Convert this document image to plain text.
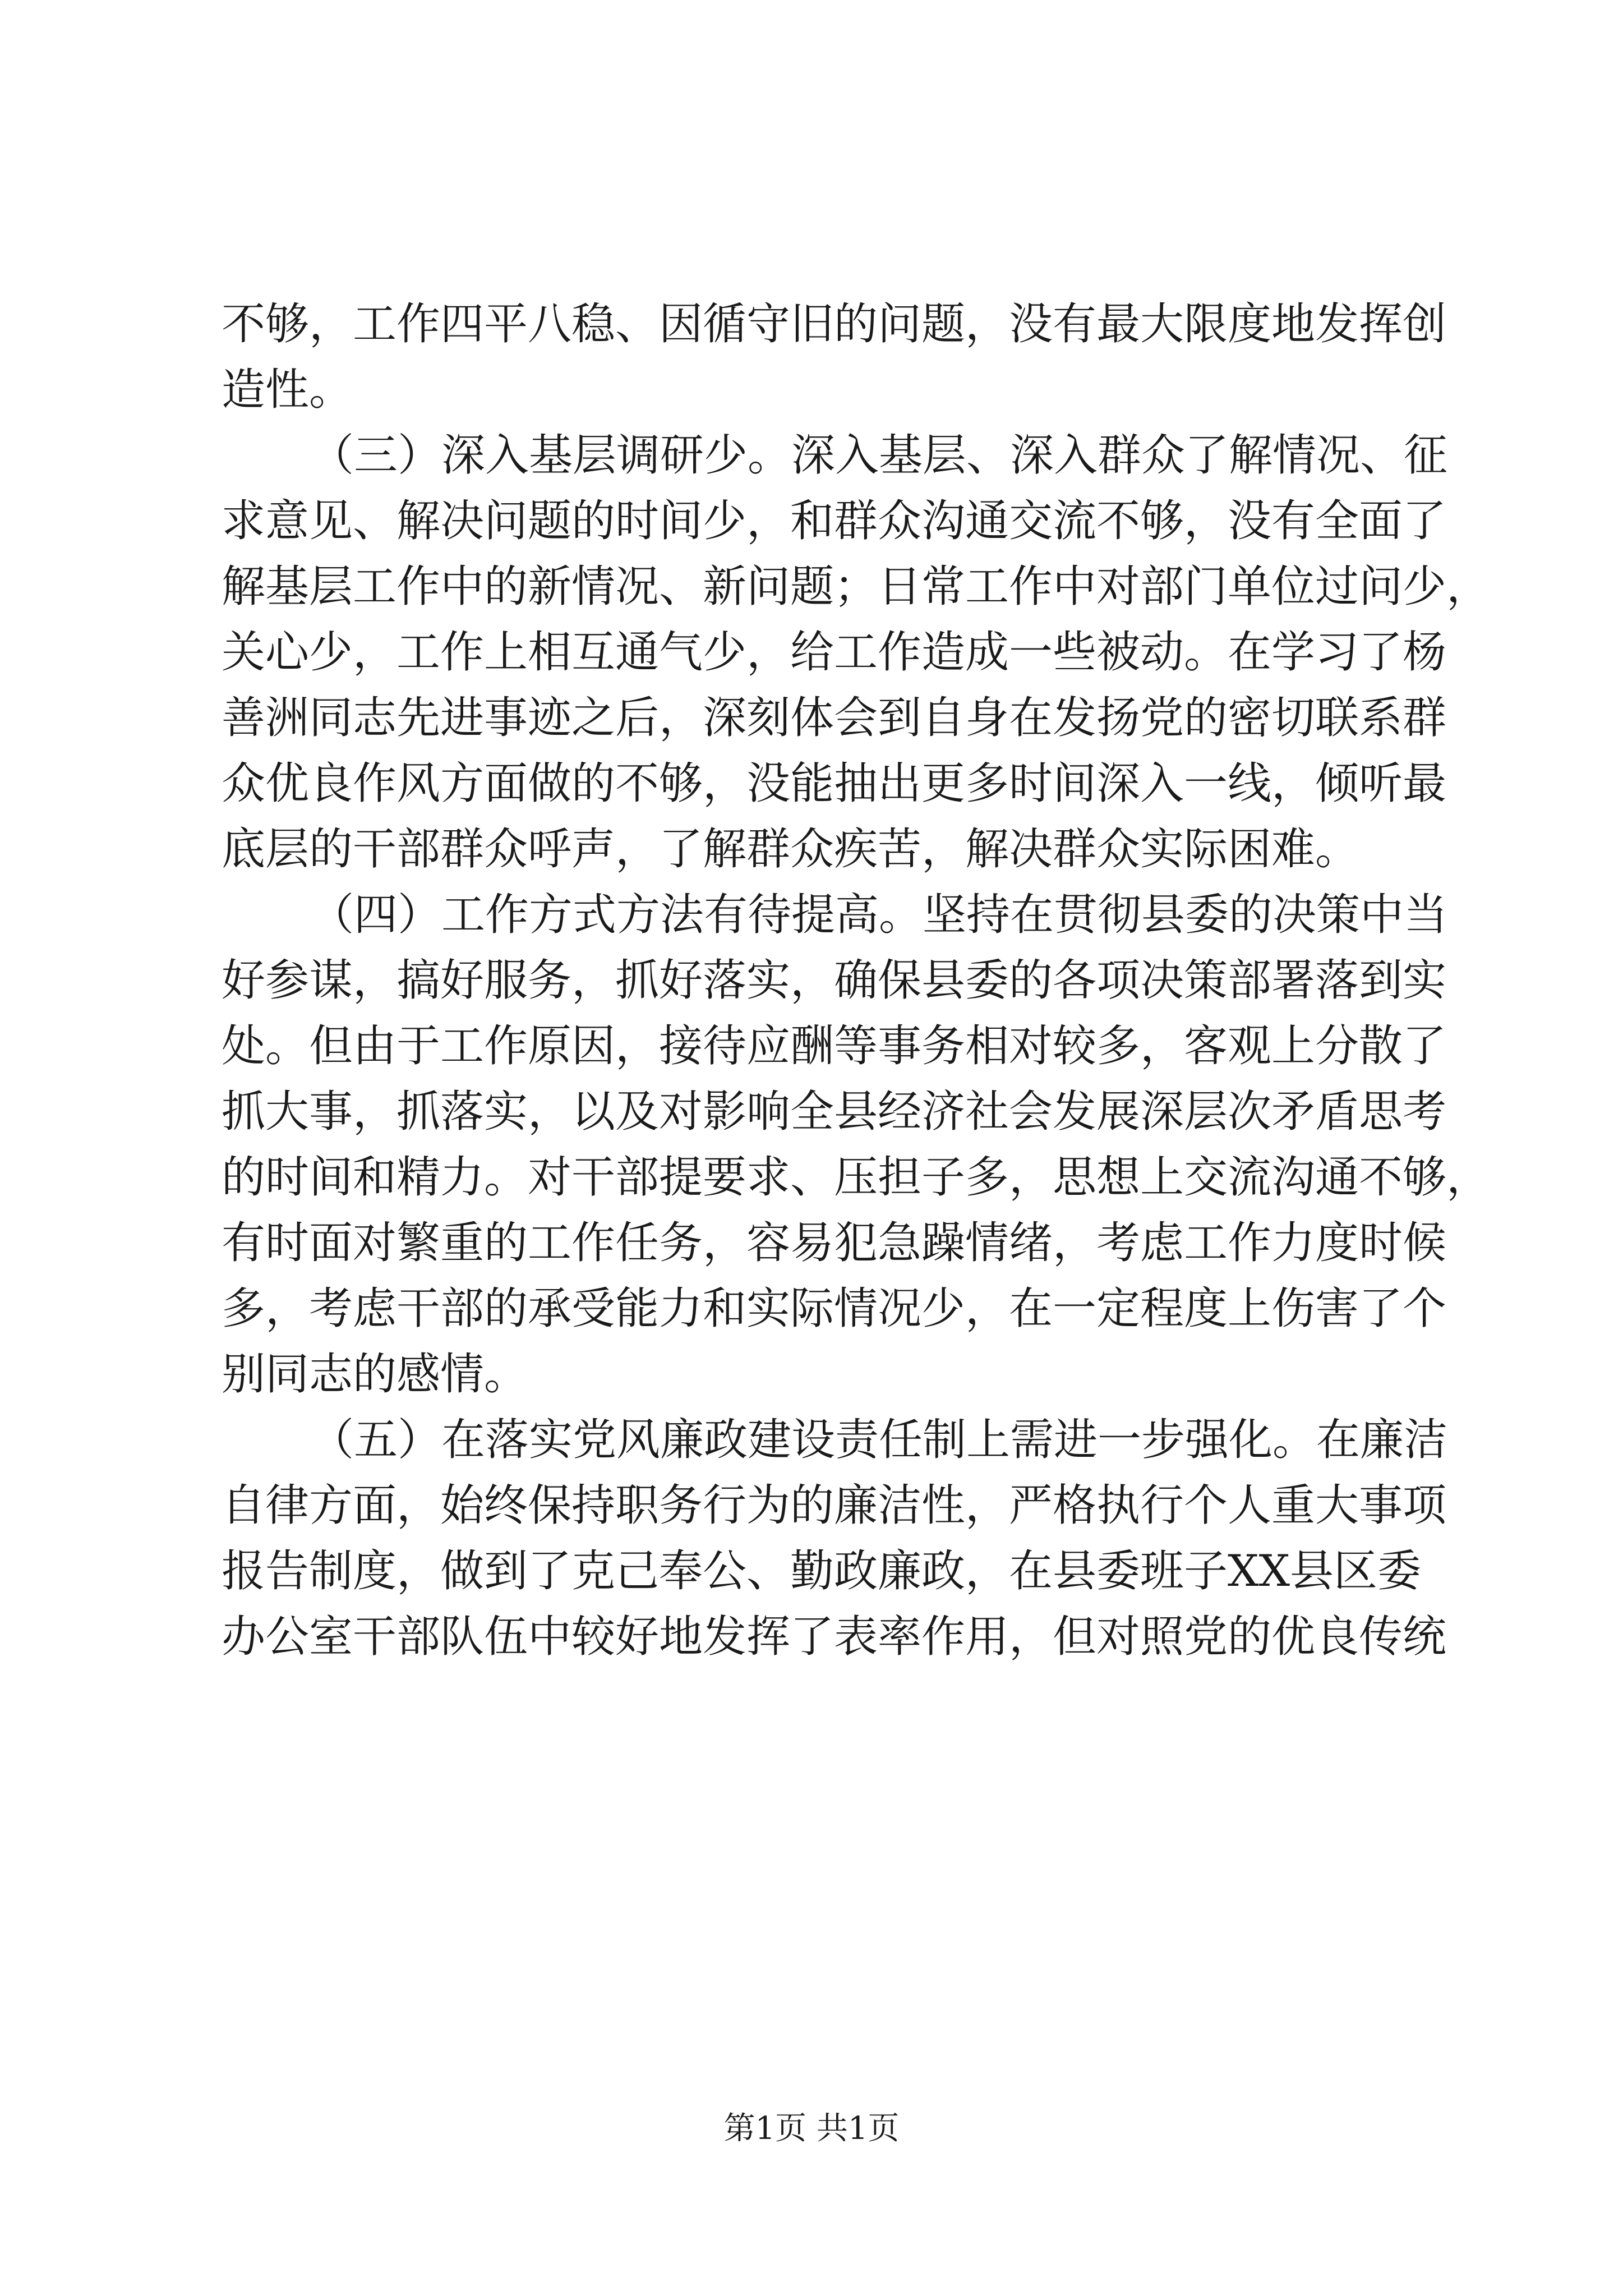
不够，工作四平八稳、因循守旧的问题，没有最大限度地发挥创
造性。
（三）深入基层调研少。深入基层、深入群众了解情况、征
求意见、解决问题的时间少，和群众沟通交流不够，没有全面了
解基层工作中的新情况、新问题；日常工作中对部门单位过问少，
关心少，工作上相互通气少，给工作造成一些被动。在学习了杨
善洲同志先进事迹之后，深刻体会到自身在发扬党的密切联系群
众优良作风方面做的不够，没能抽出更多时间深入一线，倾听最
底层的干部群众呼声，了解群众疾苦，解决群众实际困难。
（四）工作方式方法有待提高。坚持在贯彻县委的决策中当
好参谋，搞好服务，抓好落实，确保县委的各项决策部署落到实
处。但由于工作原因，接待应酬等事务相对较多，客观上分散了
抓大事，抓落实，以及对影响全县经济社会发展深层次矛盾思考
的时间和精力。对干部提要求、压担子多，思想上交流沟通不够，
有时面对繁重的工作任务，容易犯急躁情绪，考虑工作力度时候
多，考虑干部的承受能力和实际情况少，在一定程度上伤害了个
别同志的感情。
（五）在落实党风廉政建设责任制上需进一步强化。在廉洁
自律方面，始终保持职务行为的廉洁性，严格执行个人重大事项
报告制度，做到了克己奉公、勤政廉政，在县委班子XX县区委
办公室干部队伍中较好地发挥了表率作用，但对照党的优良传统
第1页 共1页
